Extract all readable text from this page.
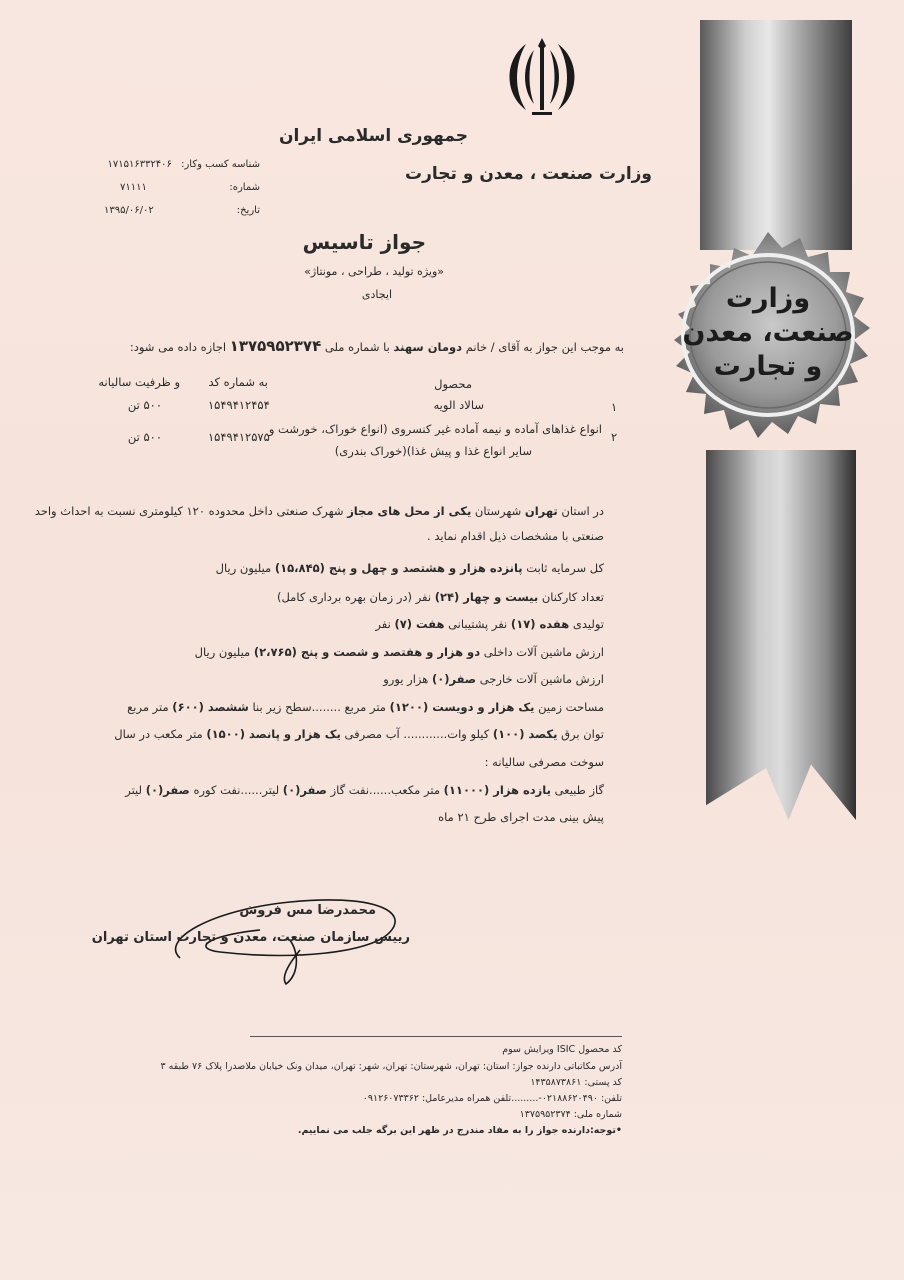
وزارت
صنعت، معدن
و تجارت
جمهوری اسلامی ایران
وزارت صنعت ، معدن و تجارت
شناسه کسب وکار: ۱۷۱۵۱۶۳۳۲۴۰۶
شماره:
۷۱۱۱۱
تاریخ:
۱۳۹۵/۰۶/۰۲
جواز تاسیس
«ویژه تولید ، طراحی ، مونتاژ»
ایجادی
به موجب این جواز به آقای / خانم دومان سهند با شماره ملی ۱۳۷۵۹۵۲۳۷۴ اجازه داده می شود:
محصول
به شماره کد
و ظرفیت سالیانه
۱
سالاد الویه
۱۵۴۹۴۱۲۴۵۴
۵۰۰ تن
۲
انواع غذاهای آماده و نیمه آماده غیر کنسروی (انواع خوراک، خورشت و
سایر انواع غذا و پیش غذا)(خوراک بندری)
۱۵۴۹۴۱۲۵۷۵
۵۰۰ تن
در استان تهران شهرستان یکی از محل های مجاز شهرک صنعتی داخل محدوده ۱۲۰ کیلومتری نسبت به احداث واحد
صنعتی با مشخصات ذیل اقدام نماید .
کل سرمایه ثابت پانزده هزار و هشتصد و چهل و پنج (۱۵،۸۴۵) میلیون ریال
تعداد کارکنان بیست و چهار (۲۴) نفر (در زمان بهره برداری کامل)
تولیدی هفده (۱۷) نفر پشتیبانی هفت (۷) نفر
ارزش ماشین آلات داخلی دو هزار و هفتصد و شصت و پنج (۲،۷۶۵) میلیون ریال
ارزش ماشین آلات خارجی صفر(۰) هزار یورو
مساحت زمین یک هزار و دویست (۱۲۰۰) متر مربع ........سطح زیر بنا ششصد (۶۰۰) متر مربع
توان برق یکصد (۱۰۰) کیلو وات............ آب مصرفی یک هزار و پانصد (۱۵۰۰) متر مکعب در سال
سوخت مصرفی سالیانه :
گاز طبیعی یازده هزار (۱۱۰۰۰) متر مکعب......نفت گاز صفر(۰) لیتر......نفت کوره صفر(۰) لیتر
پیش بینی مدت اجرای طرح ۲۱ ماه
محمدرضا مس فروش
رییس سازمان صنعت، معدن و تجارت استان تهران
کد محصول ISIC ویرایش سوم
آدرس مکاتباتی دارنده جواز: استان: تهران، شهرستان: تهران، شهر: تهران، میدان ونک خیابان ملاصدرا پلاک ۷۶ طبقه ۳
کد پستی: ۱۴۳۵۸۷۳۸۶۱
تلفن: ۰۲۱۸۸۶۲۰۴۹۰-.........تلفن همراه مدیرعامل: ۰۹۱۲۶۰۷۳۳۶۲
شماره ملی: ۱۳۷۵۹۵۲۳۷۴
•توجه:دارنده جواز را به مفاد مندرج در ظهر این برگه جلب می نماییم.
